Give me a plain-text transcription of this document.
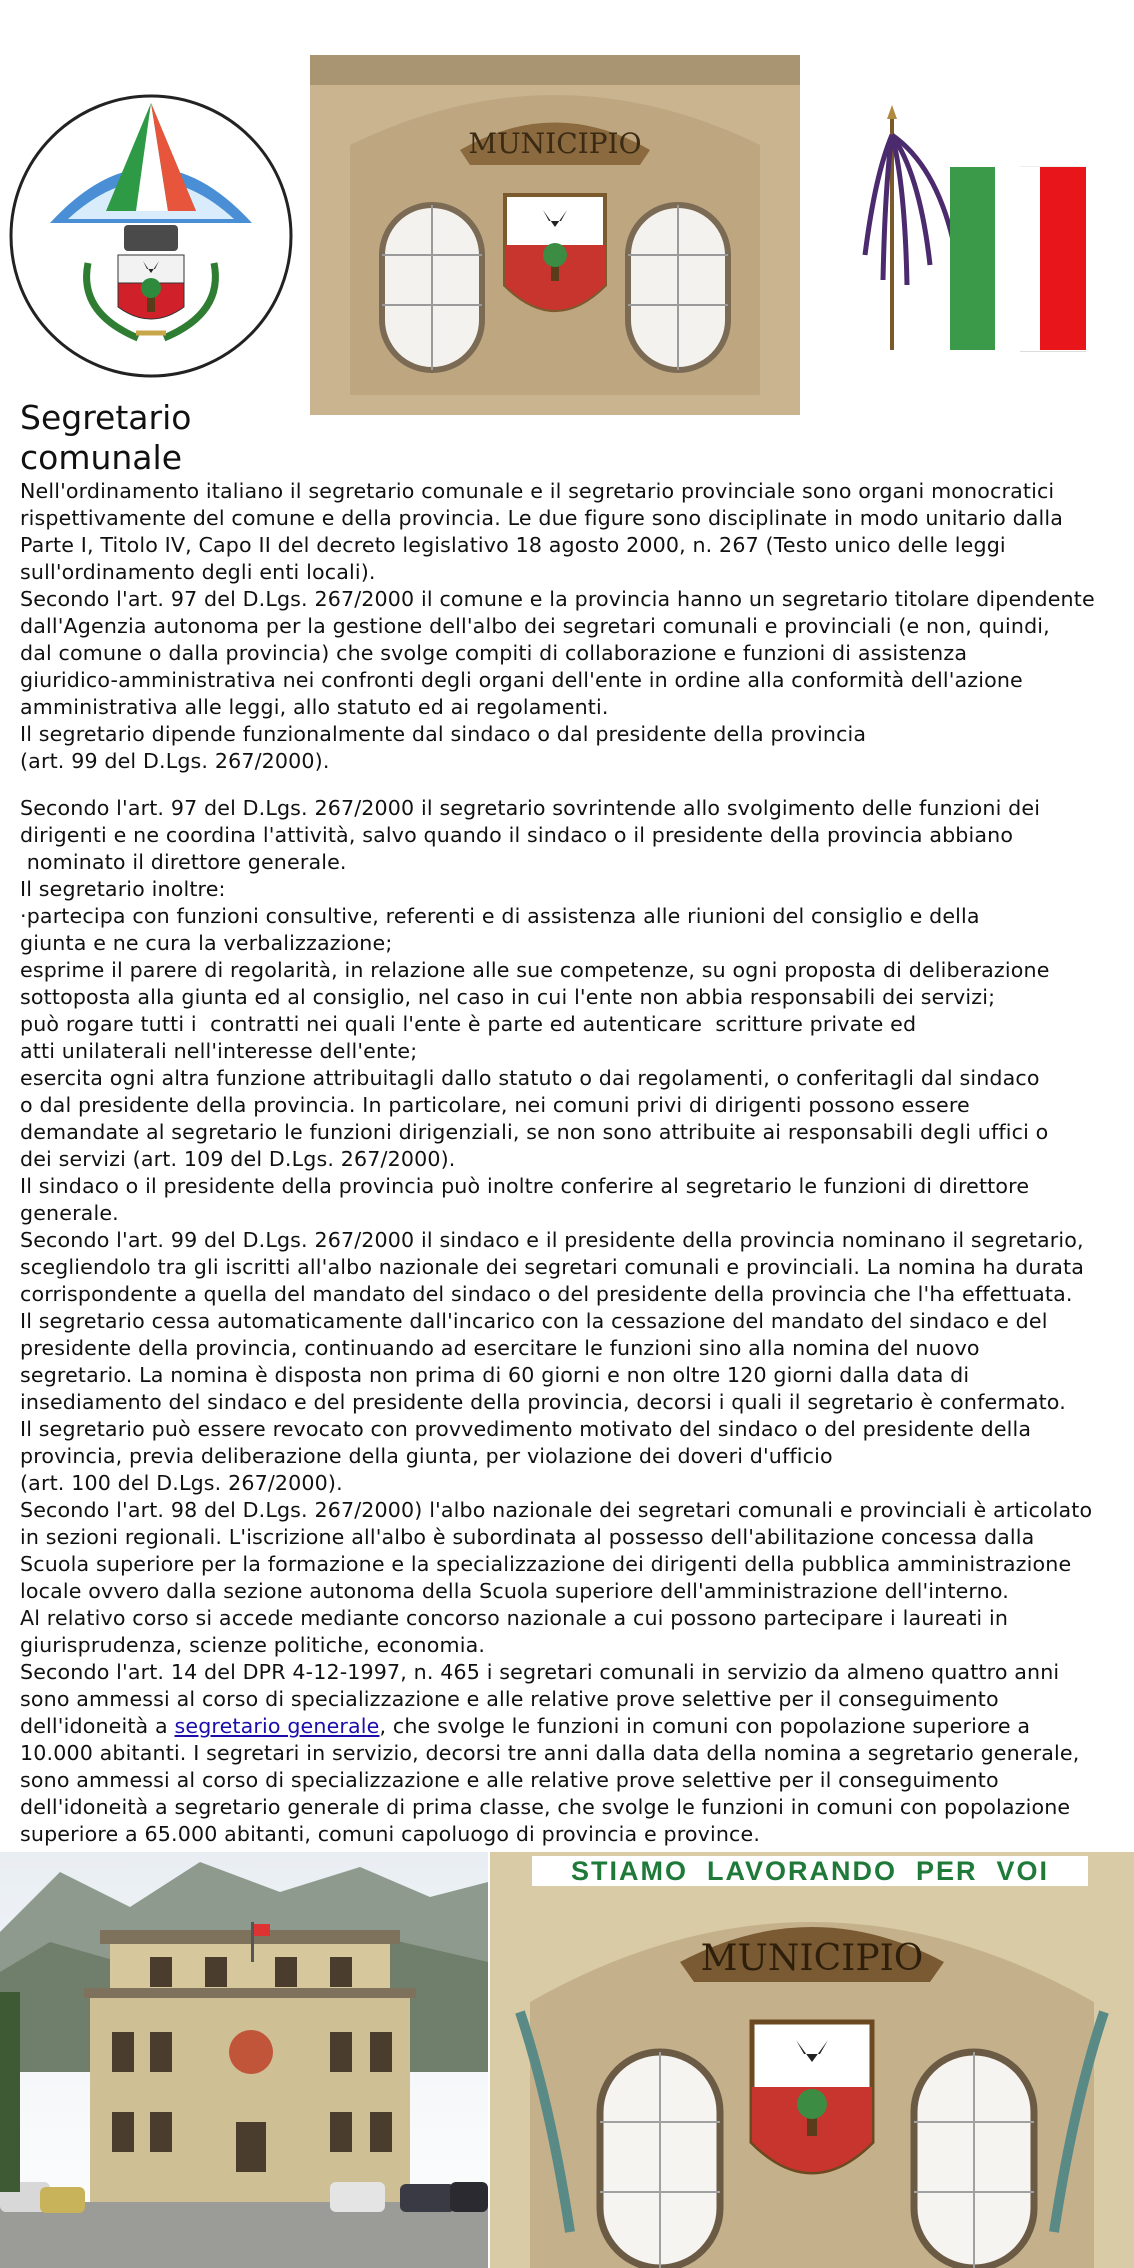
MUNICIPIO
Segretario comunale

Nell'ordinamento italiano il segretario comunale e il segretario provinciale sono organi monocratici

rispettivamente del comune e della provincia. Le due figure sono disciplinate in modo unitario dalla

Parte I, Titolo IV, Capo II del decreto legislativo 18 agosto 2000, n. 267 (Testo unico delle leggi

sull'ordinamento degli enti locali).

Secondo l'art. 97 del D.Lgs. 267/2000 il comune e la provincia hanno un segretario titolare dipendente

dall'Agenzia autonoma per la gestione dell'albo dei segretari comunali e provinciali (e non, quindi,

dal comune o dalla provincia) che svolge compiti di collaborazione e funzioni di assistenza

giuridico-amministrativa nei confronti degli organi dell'ente in ordine alla conformità dell'azione

amministrativa alle leggi, allo statuto ed ai regolamenti.

Il segretario dipende funzionalmente dal sindaco o dal presidente della provincia

(art. 99 del D.Lgs. 267/2000).

Secondo l'art. 97 del D.Lgs. 267/2000 il segretario sovrintende allo svolgimento delle funzioni dei

dirigenti e ne coordina l'attività, salvo quando il sindaco o il presidente della provincia abbiano

nominato il direttore generale.

Il segretario inoltre:

·partecipa con funzioni consultive, referenti e di assistenza alle riunioni del consiglio e della

giunta e ne cura la verbalizzazione;

esprime il parere di regolarità, in relazione alle sue competenze, su ogni proposta di deliberazione

sottoposta alla giunta ed al consiglio, nel caso in cui l'ente non abbia responsabili dei servizi;

può rogare tutti i  contratti nei quali l'ente è parte ed autenticare  scritture private ed

atti unilaterali nell'interesse dell'ente;

esercita ogni altra funzione attribuitagli dallo statuto o dai regolamenti, o conferitagli dal sindaco

o dal presidente della provincia. In particolare, nei comuni privi di dirigenti possono essere

demandate al segretario le funzioni dirigenziali, se non sono attribuite ai responsabili degli uffici o

dei servizi (art. 109 del D.Lgs. 267/2000).

Il sindaco o il presidente della provincia può inoltre conferire al segretario le funzioni di direttore

generale.

Secondo l'art. 99 del D.Lgs. 267/2000 il sindaco e il presidente della provincia nominano il segretario,

scegliendolo tra gli iscritti all'albo nazionale dei segretari comunali e provinciali. La nomina ha durata

corrispondente a quella del mandato del sindaco o del presidente della provincia che l'ha effettuata.

Il segretario cessa automaticamente dall'incarico con la cessazione del mandato del sindaco e del

presidente della provincia, continuando ad esercitare le funzioni sino alla nomina del nuovo

segretario. La nomina è disposta non prima di 60 giorni e non oltre 120 giorni dalla data di

insediamento del sindaco e del presidente della provincia, decorsi i quali il segretario è confermato.

Il segretario può essere revocato con provvedimento motivato del sindaco o del presidente della

provincia, previa deliberazione della giunta, per violazione dei doveri d'ufficio

(art. 100 del D.Lgs. 267/2000).

Secondo l'art. 98 del D.Lgs. 267/2000) l'albo nazionale dei segretari comunali e provinciali è articolato

in sezioni regionali. L'iscrizione all'albo è subordinata al possesso dell'abilitazione concessa dalla

Scuola superiore per la formazione e la specializzazione dei dirigenti della pubblica amministrazione

locale ovvero dalla sezione autonoma della Scuola superiore dell'amministrazione dell'interno.

Al relativo corso si accede mediante concorso nazionale a cui possono partecipare i laureati in

giurisprudenza, scienze politiche, economia.

Secondo l'art. 14 del DPR 4-12-1997, n. 465 i segretari comunali in servizio da almeno quattro anni

sono ammessi al corso di specializzazione e alle relative prove selettive per il conseguimento

dell'idoneità a segretario generale, che svolge le funzioni in comuni con popolazione superiore a

10.000 abitanti. I segretari in servizio, decorsi tre anni dalla data della nomina a segretario generale,

sono ammessi al corso di specializzazione e alle relative prove selettive per il conseguimento

dell'idoneità a segretario generale di prima classe, che svolge le funzioni in comuni con popolazione

superiore a 65.000 abitanti, comuni capoluogo di provincia e province.

MUNICIPIO
STIAMO  LAVORANDO  PER  VOI
